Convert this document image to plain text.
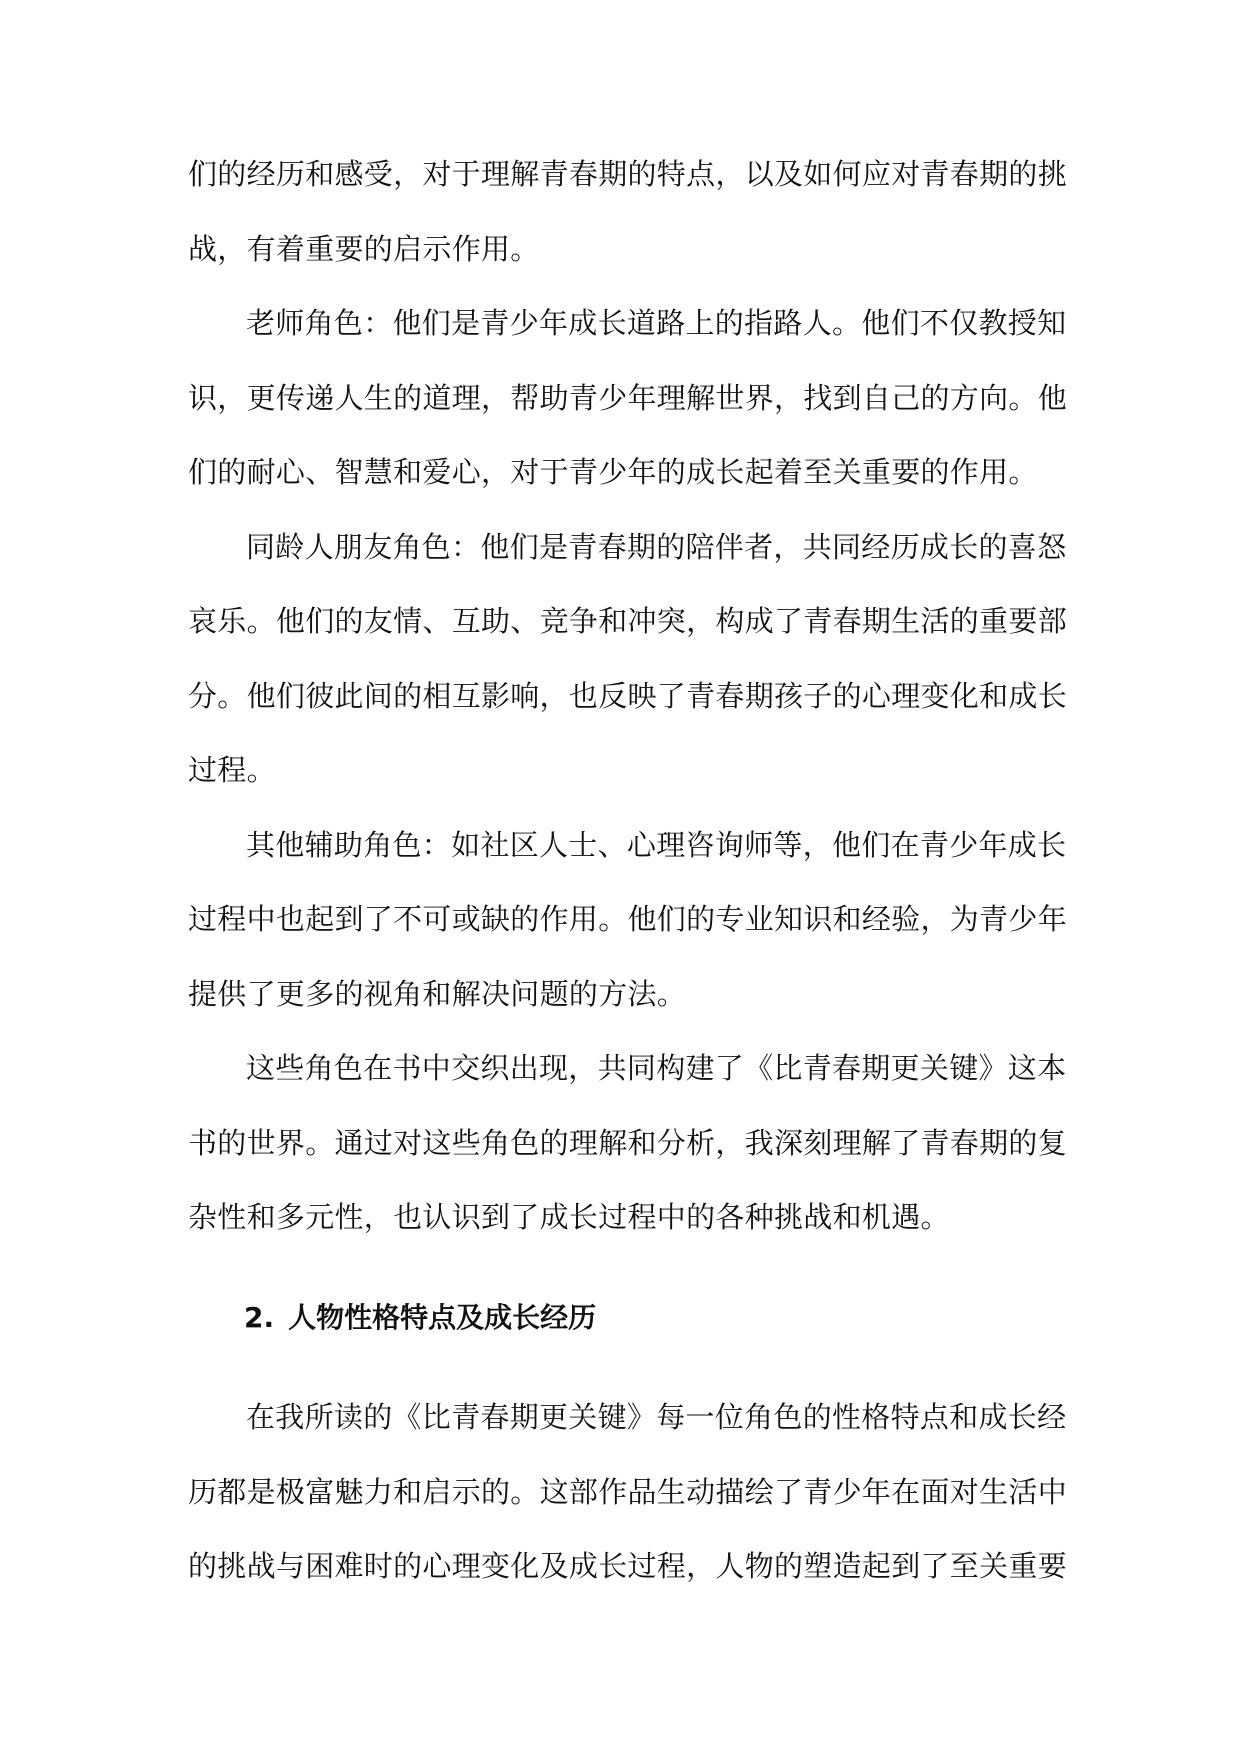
们的经历和感受，对于理解青春期的特点，以及如何应对青春期的挑
战，有着重要的启示作用。
老师角色：他们是青少年成长道路上的指路人。他们不仅教授知
识，更传递人生的道理，帮助青少年理解世界，找到自己的方向。他
们的耐心、智慧和爱心，对于青少年的成长起着至关重要的作用。
同龄人朋友角色：他们是青春期的陪伴者，共同经历成长的喜怒
哀乐。他们的友情、互助、竞争和冲突，构成了青春期生活的重要部
分。他们彼此间的相互影响，也反映了青春期孩子的心理变化和成长
过程。
其他辅助角色：如社区人士、心理咨询师等，他们在青少年成长
过程中也起到了不可或缺的作用。他们的专业知识和经验，为青少年
提供了更多的视角和解决问题的方法。
这些角色在书中交织出现，共同构建了《比青春期更关键》这本
书的世界。通过对这些角色的理解和分析，我深刻理解了青春期的复
杂性和多元性，也认识到了成长过程中的各种挑战和机遇。
2. 人物性格特点及成长经历
在我所读的《比青春期更关键》每一位角色的性格特点和成长经
历都是极富魅力和启示的。这部作品生动描绘了青少年在面对生活中
的挑战与困难时的心理变化及成长过程，人物的塑造起到了至关重要
